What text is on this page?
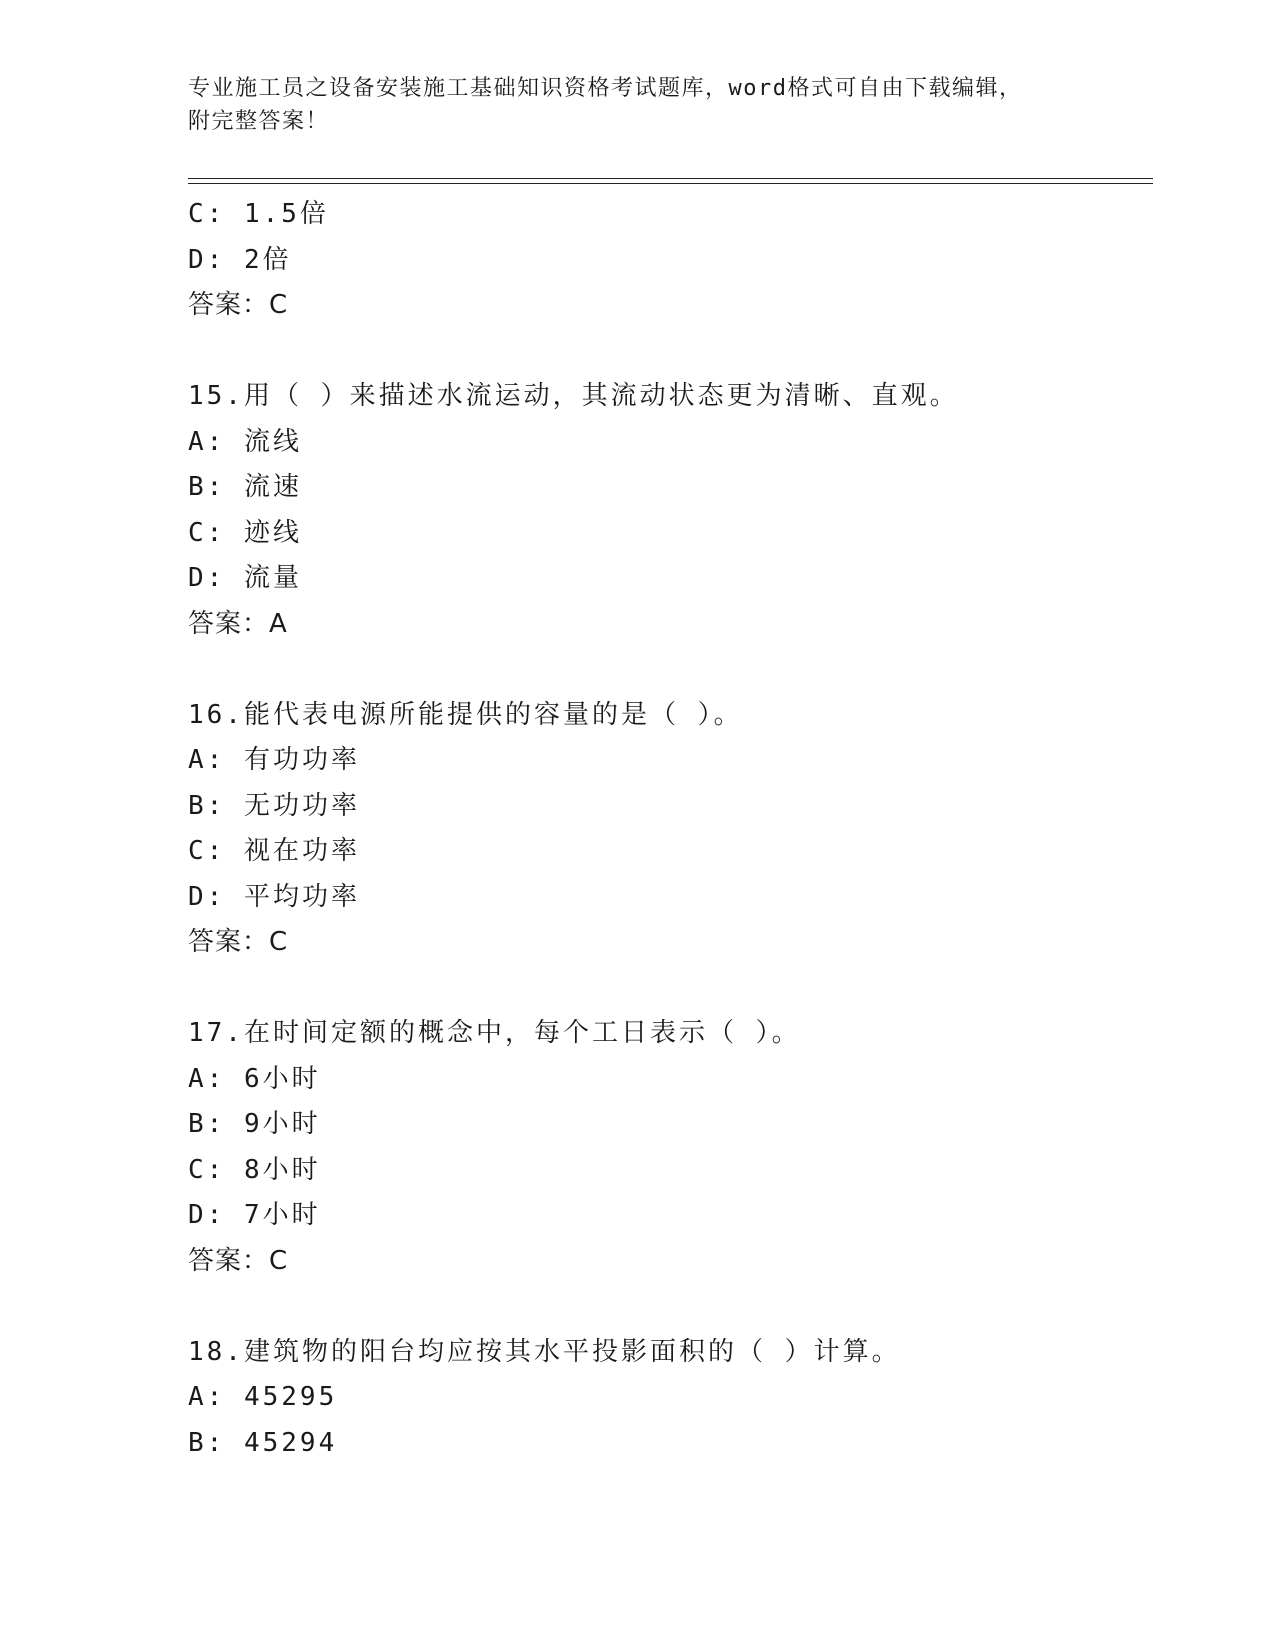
专业施工员之设备安装施工基础知识资格考试题库，word格式可自由下载编辑，
附完整答案！
C: 1.5倍
D: 2倍
答案：C
15.用（ ）来描述水流运动，其流动状态更为清晰、直观。
A: 流线
B: 流速
C: 迹线
D: 流量
答案：A
16.能代表电源所能提供的容量的是（ ）。
A: 有功功率
B: 无功功率
C: 视在功率
D: 平均功率
答案：C
17.在时间定额的概念中，每个工日表示（ ）。
A: 6小时
B: 9小时
C: 8小时
D: 7小时
答案：C
18.建筑物的阳台均应按其水平投影面积的（ ）计算。
A: 45295
B: 45294
